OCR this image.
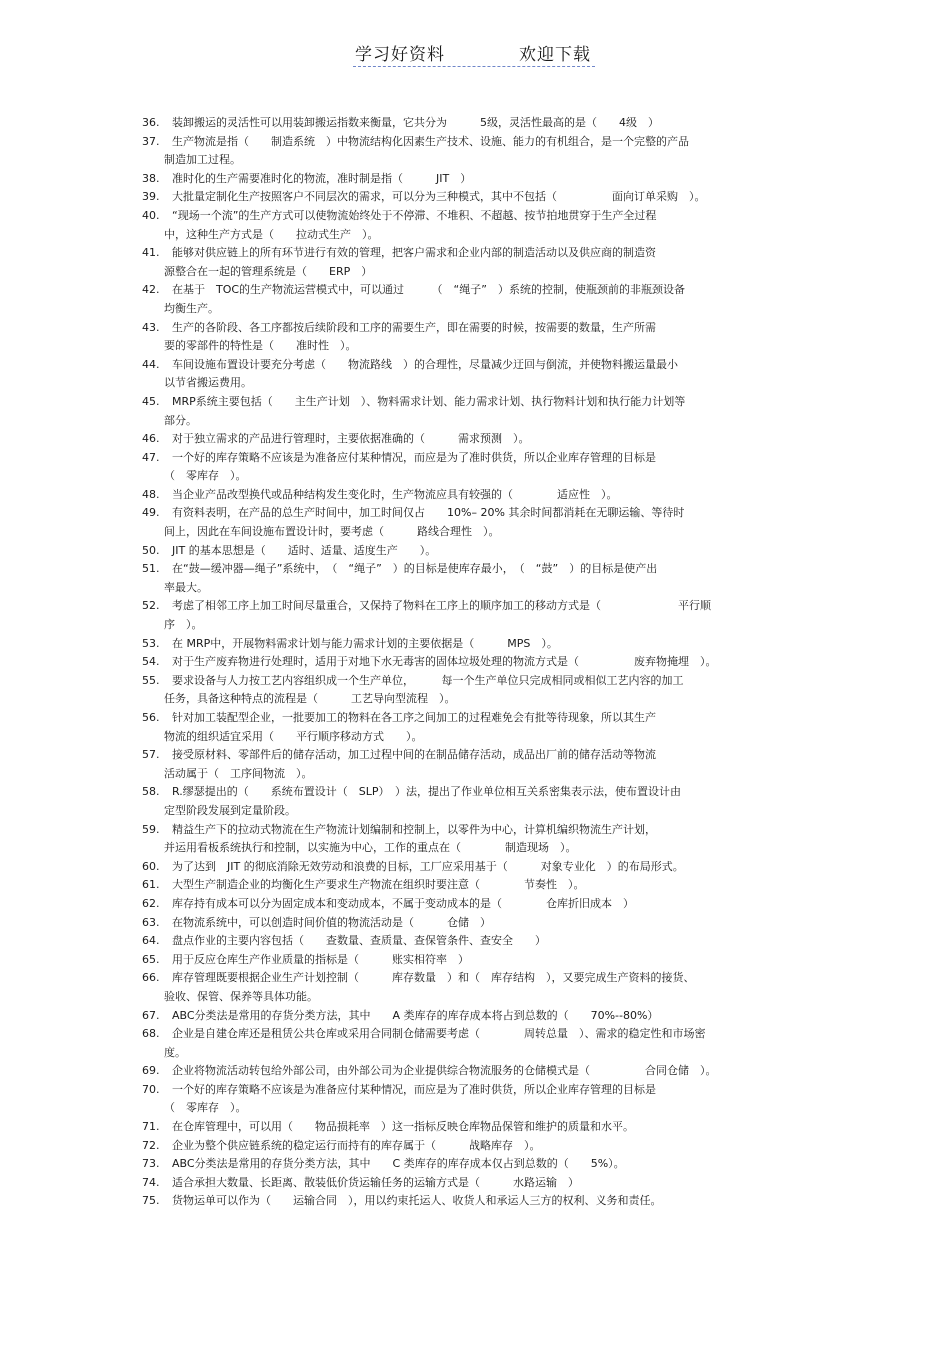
学习好资料	欢迎下载
36. 装卸搬运的灵活性可以用装卸搬运指数来衡量，它共分为　　　5级，灵活性最高的是（　　4级　）
37. 生产物流是指（　　制造系统　）中物流结构化因素生产技术、设施、能力的有机组合，是一个完整的产品
制造加工过程。
38. 准时化的生产需要准时化的物流，准时制是指（　　　JIT　）
39. 大批量定制化生产按照客户不同层次的需求，可以分为三种模式，其中不包括（　　　　　面向订单采购　）。
40. “现场一个流”的生产方式可以使物流始终处于不停滞、不堆积、不超越、按节拍地贯穿于生产全过程
中，这种生产方式是（　　拉动式生产　）。
41. 能够对供应链上的所有环节进行有效的管理，把客户需求和企业内部的制造活动以及供应商的制造资
源整合在一起的管理系统是（　　ERP　）
42. 在基于　TOC的生产物流运营模式中，可以通过　　　（　“绳子”　）系统的控制，使瓶颈前的非瓶颈设备
均衡生产。
43. 生产的各阶段、各工序都按后续阶段和工序的需要生产，即在需要的时候，按需要的数量，生产所需
要的零部件的特性是（　　准时性　）。
44. 车间设施布置设计要充分考虑（　　物流路线　）的合理性，尽量减少迂回与倒流，并使物料搬运量最小
以节省搬运费用。
45. MRP系统主要包括（　　主生产计划　）、物料需求计划、能力需求计划、执行物料计划和执行能力计划等
部分。
46. 对于独立需求的产品进行管理时，主要依据准确的（　　　需求预测　）。
47. 一个好的库存策略不应该是为准备应付某种情况，而应是为了准时供货，所以企业库存管理的目标是
（　零库存　）。
48. 当企业产品改型换代或品种结构发生变化时，生产物流应具有较强的（　　　　适应性　）。
49. 有资料表明，在产品的总生产时间中，加工时间仅占　　10%– 20% 其余时间都消耗在无聊运输、等待时
间上，因此在车间设施布置设计时，要考虑（　　　路线合理性　）。
50. JIT 的基本思想是（　　适时、适量、适度生产　　）。
51. 在“鼓—缓冲器—绳子”系统中，　（　“绳子”　）的目标是使库存最小，　（　“鼓”　）的目标是使产出
率最大。
52. 考虑了相邻工序上加工时间尽量重合，又保持了物料在工序上的顺序加工的移动方式是（　　　　　　　平行顺
序　）。
53. 在 MRP中，开展物料需求计划与能力需求计划的主要依据是（　　　MPS　）。
54. 对于生产废弃物进行处理时，适用于对地下水无毒害的固体垃圾处理的物流方式是（　　　　　废弃物掩埋　）。
55. 要求设备与人力按工艺内容组织成一个生产单位，　　　每一个生产单位只完成相同或相似工艺内容的加工
任务，具备这种特点的流程是（　　　工艺导向型流程　）。
56. 针对加工装配型企业，一批要加工的物料在各工序之间加工的过程难免会有批等待现象，所以其生产
物流的组织适宜采用（　　平行顺序移动方式　　）。
57. 接受原材料、零部件后的储存活动，加工过程中间的在制品储存活动，成品出厂前的储存活动等物流
活动属于（　工序间物流　）。
58. R.缪瑟提出的（　　系统布置设计（　SLP）　）法，提出了作业单位相互关系密集表示法，使布置设计由
定型阶段发展到定量阶段。
59. 精益生产下的拉动式物流在生产物流计划编制和控制上，以零件为中心，计算机编织物流生产计划，
并运用看板系统执行和控制，以实施为中心，工作的重点在（　　　　制造现场　）。
60. 为了达到　JIT 的彻底消除无效劳动和浪费的目标，工厂应采用基于（　　　对象专业化　）的布局形式。
61. 大型生产制造企业的均衡化生产要求生产物流在组织时要注意（　　　　节奏性　）。
62. 库存持有成本可以分为固定成本和变动成本，不属于变动成本的是（　　　　仓库折旧成本　）
63. 在物流系统中，可以创造时间价值的物流活动是（　　　仓储　）
64. 盘点作业的主要内容包括（　　查数量、查质量、查保管条件、查安全　　）
65. 用于反应仓库生产作业质量的指标是（　　　账实相符率　）
66. 库存管理既要根据企业生产计划控制（　　　库存数量　）和（　库存结构　），又要完成生产资料的接货、
验收、保管、保养等具体功能。
67. ABC分类法是常用的存货分类方法，其中　　A 类库存的库存成本将占到总数的（　　70%--80%）
68. 企业是自建仓库还是租赁公共仓库或采用合同制仓储需要考虑（　　　　周转总量　）、需求的稳定性和市场密
度。
69. 企业将物流活动转包给外部公司，由外部公司为企业提供综合物流服务的仓储模式是（　　　　　合同仓储　）。
70. 一个好的库存策略不应该是为准备应付某种情况，而应是为了准时供货，所以企业库存管理的目标是
（　零库存　）。
71. 在仓库管理中，可以用（　　物品损耗率　）这一指标反映仓库物品保管和维护的质量和水平。
72. 企业为整个供应链系统的稳定运行而持有的库存属于（　　　战略库存　）。
73. ABC分类法是常用的存货分类方法，其中　　C 类库存的库存成本仅占到总数的（　　5%）。
74. 适合承担大数量、长距离、散装低价货运输任务的运输方式是（　　　水路运输　）
75. 货物运单可以作为（　　运输合同　），用以约束托运人、收货人和承运人三方的权利、义务和责任。
